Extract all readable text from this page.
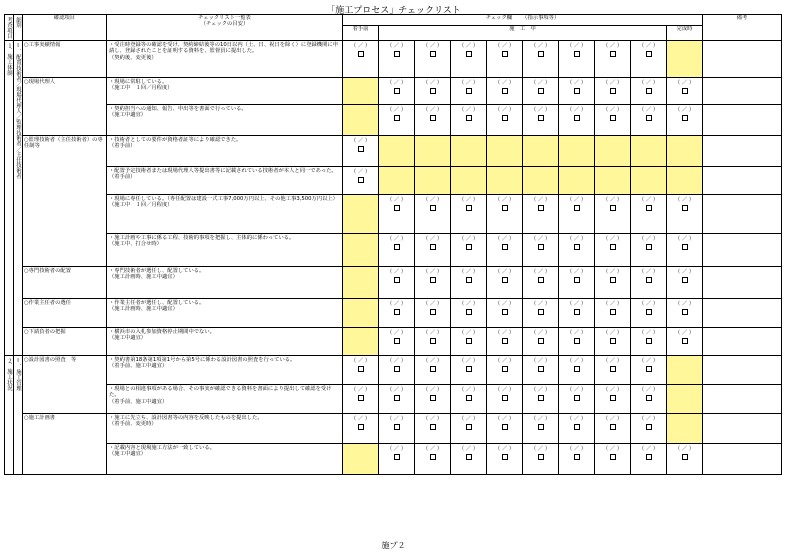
「施工プロセス」チェックリスト
考査項目	細別	確認項目	チェックリスト一覧表
（チェックの目安）	チェック欄 （指示事項等）										備考
				着手前	施　工　中								完成時	

１．施工体制	Ⅰ．配置技術者／現場代理人／監理技術者／主任技術者	○工事実績情報	・受注時登録等の確認を受け、契約締結後等の10日以内（土、日、祝日を除く）に登録機関に申請し、登録されたことを証明する資料を、監督員に提出した。
（契約後、変更後）	（ ／ ）	（ ／ ）	（ ／ ）	（ ／ ）	（ ／ ）	（ ／ ）	（ ／ ）	（ ／ ）	（ ／ ）		

		○現場代理人	・現場に常駐している。
（施工中　１回／月程度）		（ ／ ）	（ ／ ）	（ ／ ）	（ ／ ）	（ ／ ）	（ ／ ）	（ ／ ）	（ ／ ）	（ ／ ）	

			・契約担当への通知、報告、申出等を書面で行っている。
（施工中適宜）		（ ／ ）	（ ／ ）	（ ／ ）	（ ／ ）	（ ／ ）	（ ／ ）	（ ／ ）	（ ／ ）	（ ／ ）	

		○監理技術者（主任技術者）の専任制等	・技術者としての要件が資格者証等により確認できた。
（着手前）	（ ／ ）										

			・配置予定技術者または現場代理人等提出書等に記載されている技術者が本人と同一であった。
（着手前）	（ ／ ）										

			・現場に専任している。（専任配置は建設一式工事7,000万円以上、その他工事3,500万円以上）
（施工中　１回／月程度）		（ ／ ）	（ ／ ）	（ ／ ）	（ ／ ）	（ ／ ）	（ ／ ）	（ ／ ）	（ ／ ）	（ ／ ）	

			・施工計画や工事に係る工程、技術的事項を把握し、主体的に係わっている。
（施工中、打合せ時）		（ ／ ）	（ ／ ）	（ ／ ）	（ ／ ）	（ ／ ）	（ ／ ）	（ ／ ）	（ ／ ）	（ ／ ）	

		○専門技術者の配置	・専門技術者が選任し、配置している。
（施工計画時、施工中適宜）		（ ／ ）	（ ／ ）	（ ／ ）	（ ／ ）	（ ／ ）	（ ／ ）	（ ／ ）	（ ／ ）	（ ／ ）	

		○作業主任者の選任	・作業主任者が選任し、配置している。
（施工計画時、施工中適宜）		（ ／ ）	（ ／ ）	（ ／ ）	（ ／ ）	（ ／ ）	（ ／ ）	（ ／ ）	（ ／ ）	（ ／ ）	

		○下請負者の把握	・横浜市の入札参加資格停止期間中でない。
（施工中適宜）		（ ／ ）	（ ／ ）	（ ／ ）	（ ／ ）	（ ／ ）	（ ／ ）	（ ／ ）	（ ／ ）	（ ／ ）	

２．施工状況	Ⅰ．施工管理	○設計図書の照査　等	・契約書第18条第1項第1号から第5号に係わる設計図書の照査を行っている。
（着手前、施工中適宜）	（ ／ ）	（ ／ ）	（ ／ ）	（ ／ ）	（ ／ ）	（ ／ ）	（ ／ ）	（ ／ ）	（ ／ ）		

			・現場との相違事項がある場合、その事実が確認できる資料を書面により提出して確認を受けた。
（着手前、施工中適宜）	（ ／ ）	（ ／ ）	（ ／ ）	（ ／ ）	（ ／ ）	（ ／ ）	（ ／ ）	（ ／ ）	（ ／ ）		

		○施工計画書	・施工に先立ち、設計図書等の内容を反映したものを提出した。
（着手前、変更時）	（ ／ ）	（ ／ ）	（ ／ ）	（ ／ ）	（ ／ ）	（ ／ ）	（ ／ ）	（ ／ ）	（ ／ ）		

			・記載内容と現場施工方法が一致している。
（施工中適宜）		（ ／ ）	（ ／ ）	（ ／ ）	（ ／ ）	（ ／ ）	（ ／ ）	（ ／ ）	（ ／ ）	（ ／ ）	

施プ２
